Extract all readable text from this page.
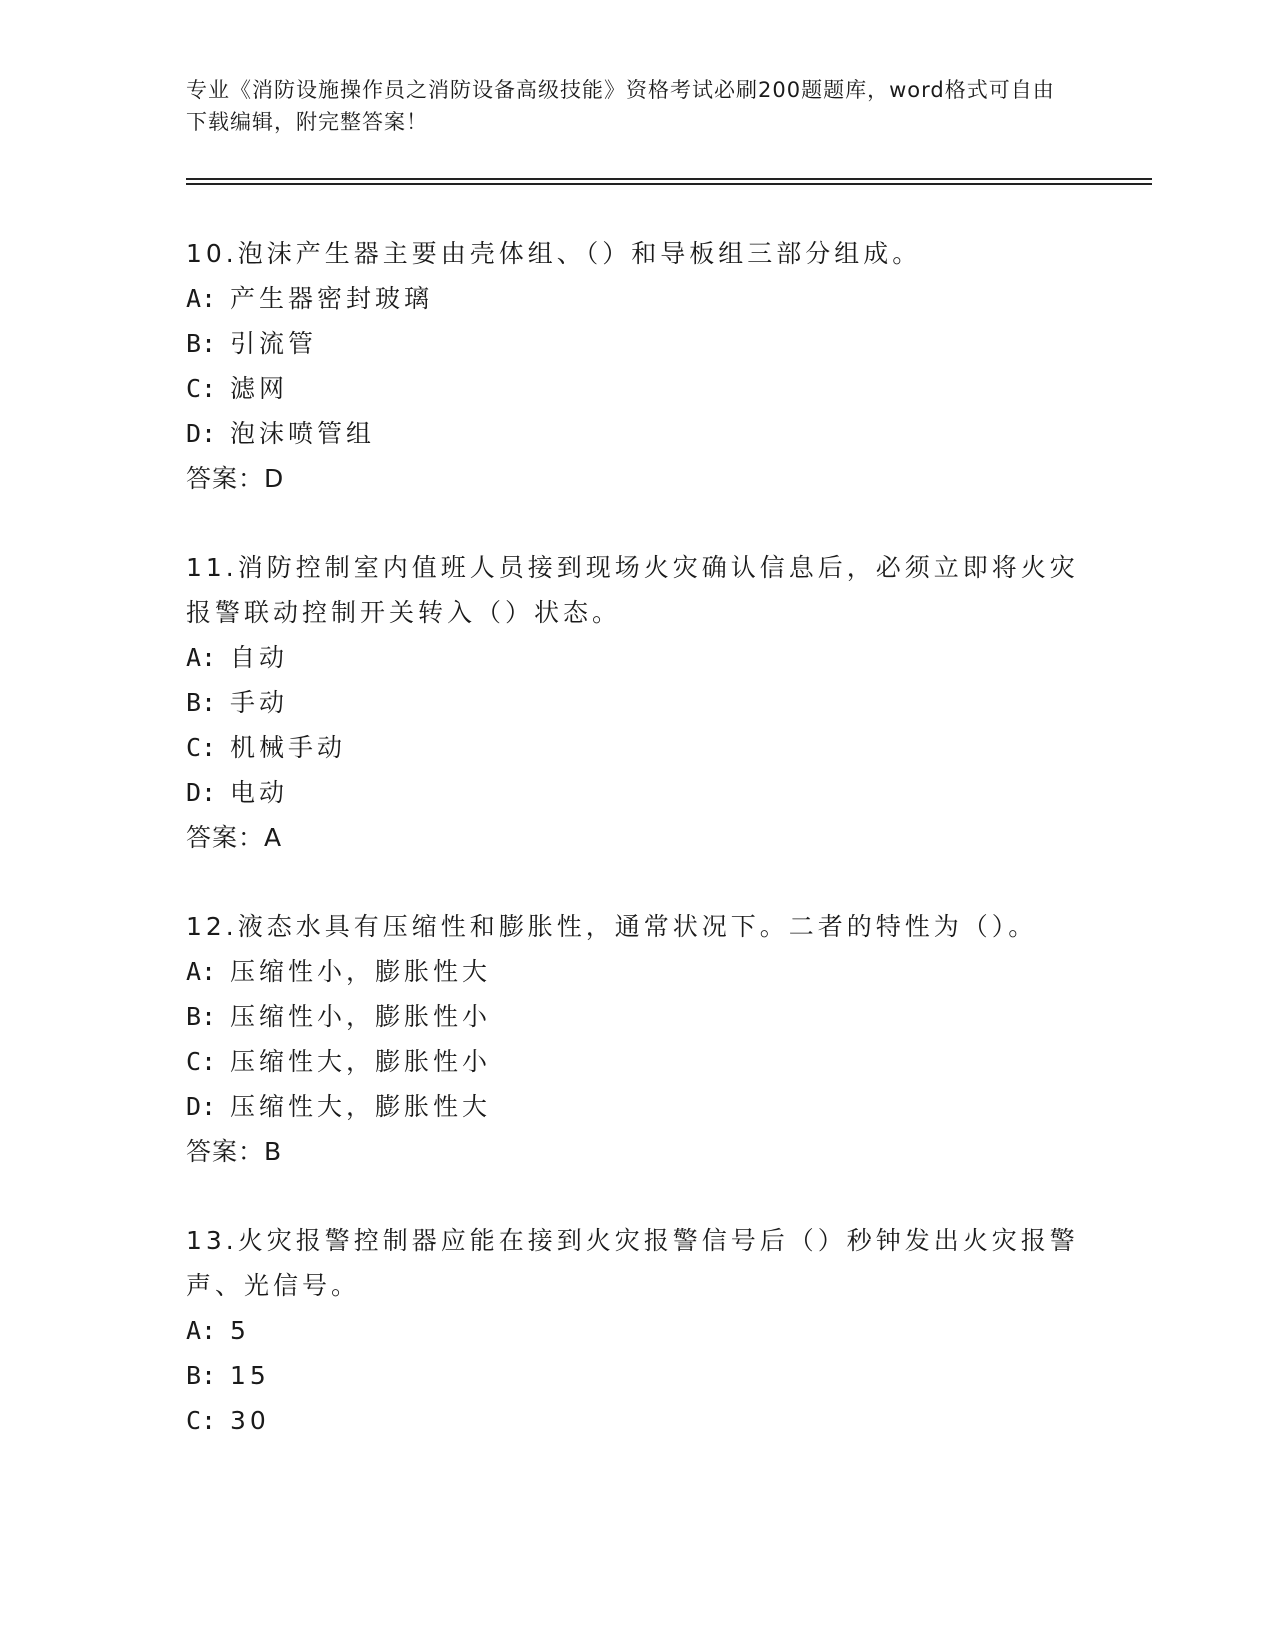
专业《消防设施操作员之消防设备高级技能》资格考试必刷200题题库，word格式可自由下载编辑，附完整答案！

10.泡沫产生器主要由壳体组、（）和导板组三部分组成。

A: 产生器密封玻璃

B: 引流管

C: 滤网

D: 泡沫喷管组

答案：D

11.消防控制室内值班人员接到现场火灾确认信息后，必须立即将火灾报警联动控制开关转入（）状态。

A: 自动

B: 手动

C: 机械手动

D: 电动

答案：A

12.液态水具有压缩性和膨胀性，通常状况下。二者的特性为（）。

A: 压缩性小，膨胀性大

B: 压缩性小，膨胀性小

C: 压缩性大，膨胀性小

D: 压缩性大，膨胀性大

答案：B

13.火灾报警控制器应能在接到火灾报警信号后（）秒钟发出火灾报警声、光信号。

A: 5

B: 15

C: 30
